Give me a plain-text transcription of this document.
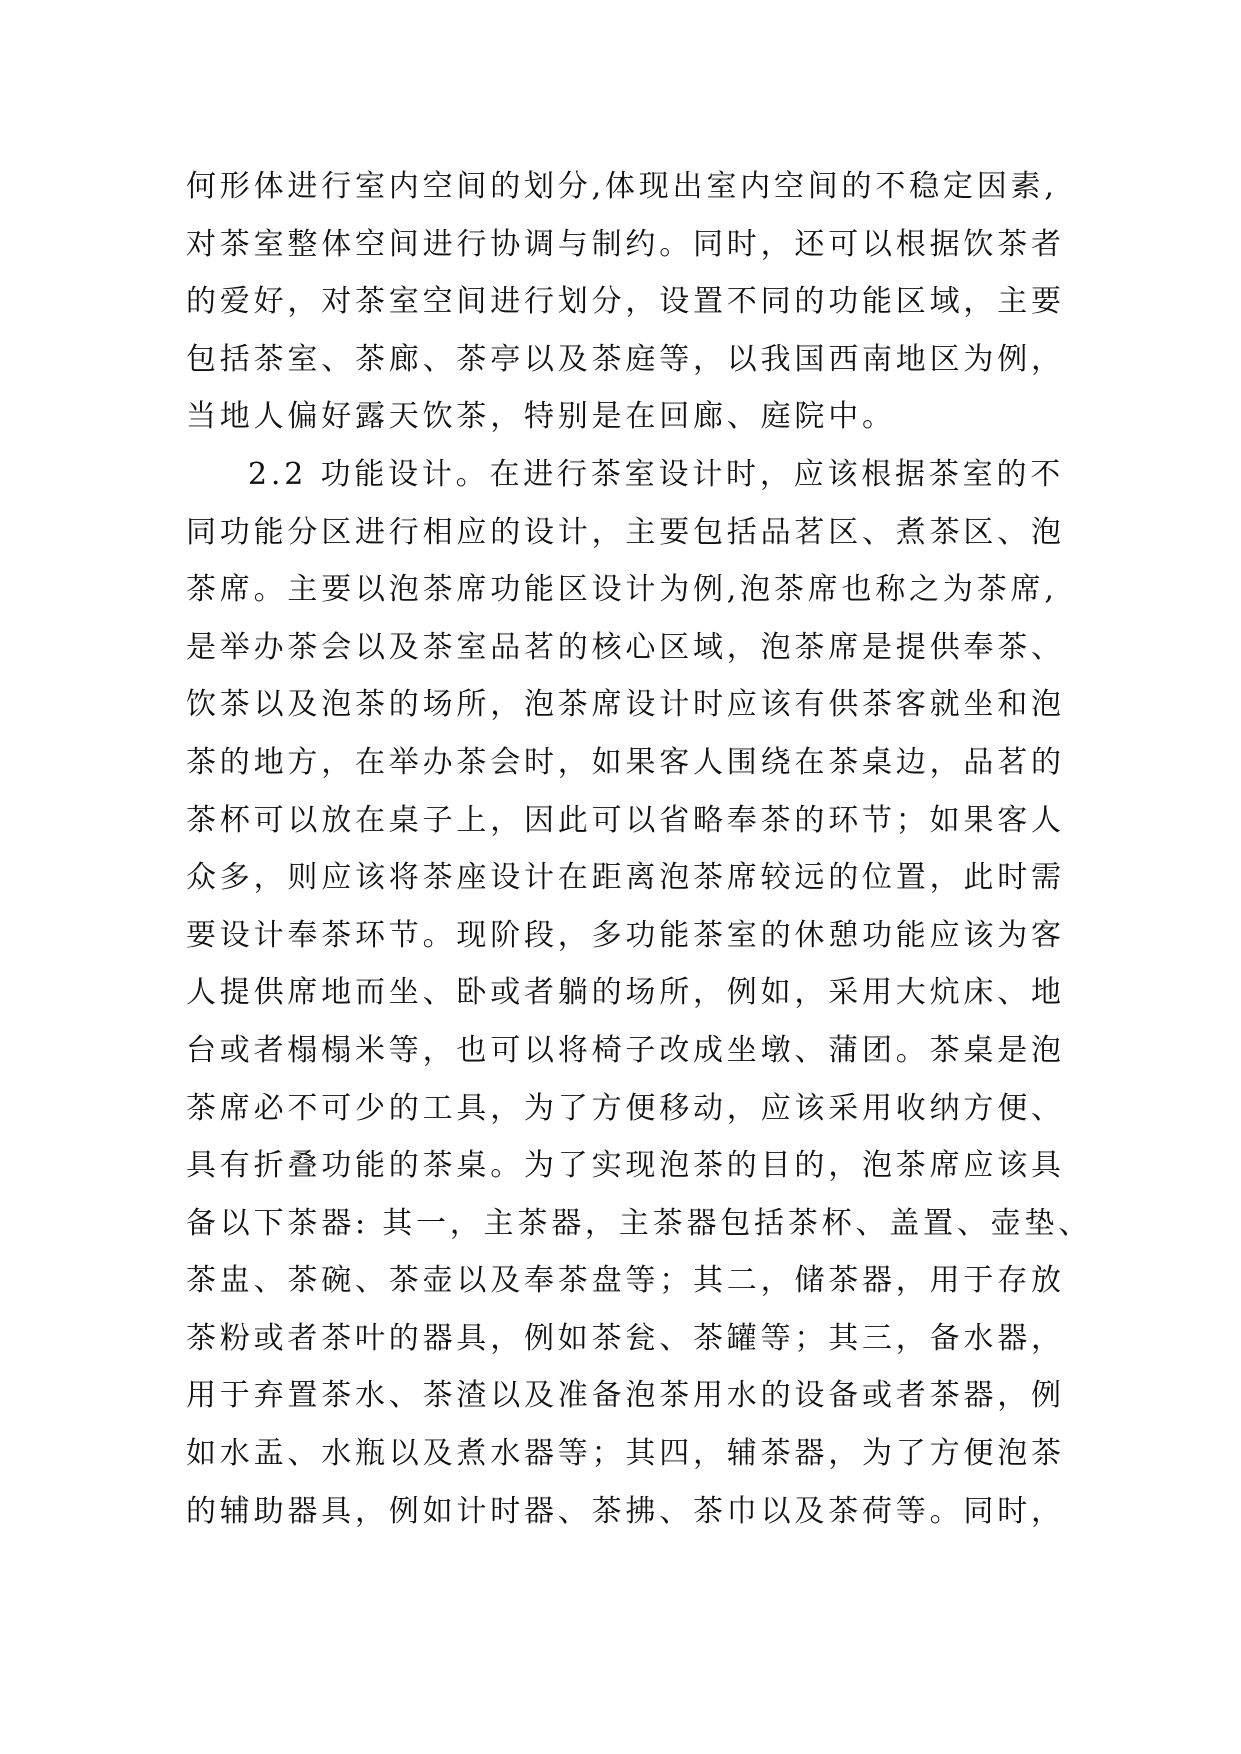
何形体进行室内空间的划分,体现出室内空间的不稳定因素,
对茶室整体空间进行协调与制约。同时，还可以根据饮茶者
的爱好，对茶室空间进行划分，设置不同的功能区域，主要
包括茶室、茶廊、茶亭以及茶庭等，以我国西南地区为例，
当地人偏好露天饮茶，特别是在回廊、庭院中。
2.2 功能设计。在进行茶室设计时，应该根据茶室的不
同功能分区进行相应的设计，主要包括品茗区、煮茶区、泡
茶席。主要以泡茶席功能区设计为例,泡茶席也称之为茶席,
是举办茶会以及茶室品茗的核心区域，泡茶席是提供奉茶、
饮茶以及泡茶的场所，泡茶席设计时应该有供茶客就坐和泡
茶的地方，在举办茶会时，如果客人围绕在茶桌边，品茗的
茶杯可以放在桌子上，因此可以省略奉茶的环节；如果客人
众多，则应该将茶座设计在距离泡茶席较远的位置，此时需
要设计奉茶环节。现阶段，多功能茶室的休憩功能应该为客
人提供席地而坐、卧或者躺的场所，例如，采用大炕床、地
台或者榻榻米等，也可以将椅子改成坐墩、蒲团。茶桌是泡
茶席必不可少的工具，为了方便移动，应该采用收纳方便、
具有折叠功能的茶桌。为了实现泡茶的目的，泡茶席应该具
备以下茶器: 其一，主茶器，主茶器包括茶杯、盖置、壶垫、
茶盅、茶碗、茶壶以及奉茶盘等；其二，储茶器，用于存放
茶粉或者茶叶的器具，例如茶瓮、茶罐等；其三，备水器，
用于弃置茶水、茶渣以及准备泡茶用水的设备或者茶器，例
如水盂、水瓶以及煮水器等；其四，辅茶器，为了方便泡茶
的辅助器具，例如计时器、茶拂、茶巾以及茶荷等。同时，
